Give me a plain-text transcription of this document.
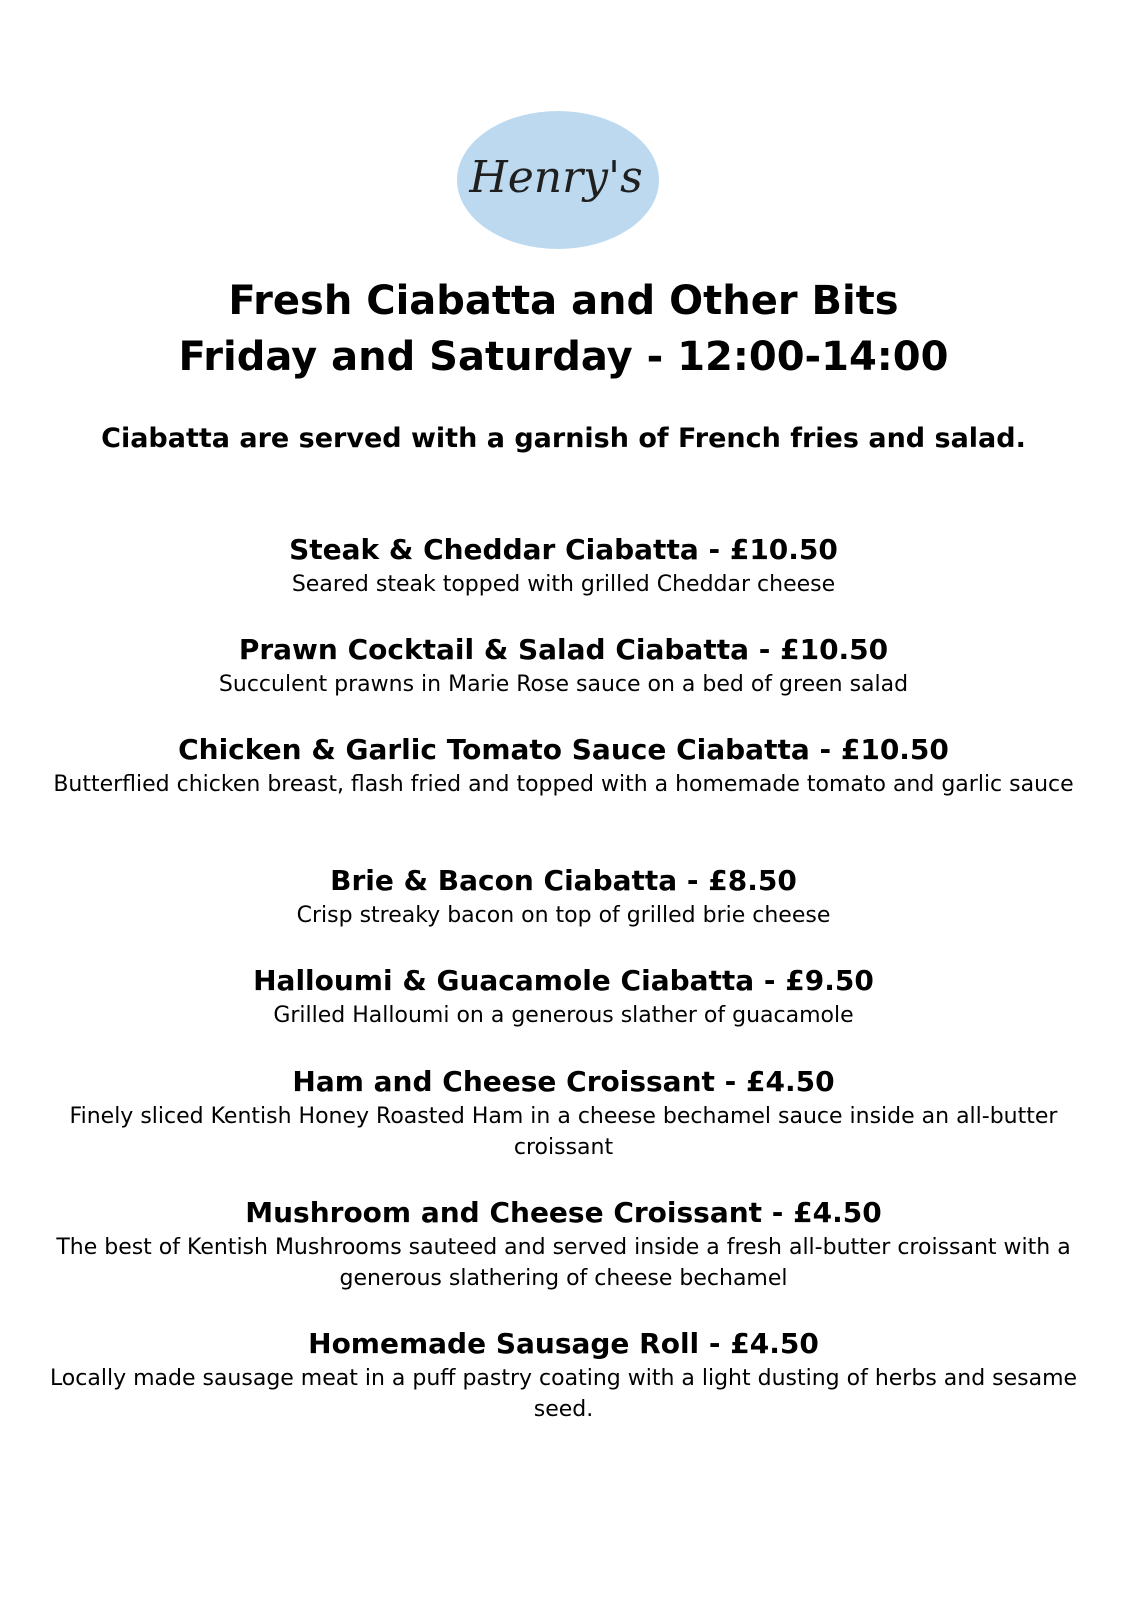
Henry's
Fresh Ciabatta and Other Bits
Friday and Saturday - 12:00-14:00

Ciabatta are served with a garnish of French fries and salad.

Steak & Cheddar Ciabatta - £10.50
Seared steak topped with grilled Cheddar cheese
Prawn Cocktail & Salad Ciabatta - £10.50
Succulent prawns in Marie Rose sauce on a bed of green salad
Chicken & Garlic Tomato Sauce Ciabatta - £10.50
Butterflied chicken breast, flash fried and topped with a homemade tomato and garlic sauce
Brie & Bacon Ciabatta - £8.50
Crisp streaky bacon on top of grilled brie cheese
Halloumi & Guacamole Ciabatta - £9.50
Grilled Halloumi on a generous slather of guacamole
Ham and Cheese Croissant - £4.50
Finely sliced Kentish Honey Roasted Ham in a cheese bechamel sauce inside an all-butter croissant
Mushroom and Cheese Croissant - £4.50
The best of Kentish Mushrooms sauteed and served inside a fresh all-butter croissant with a generous slathering of cheese bechamel
Homemade Sausage Roll - £4.50
Locally made sausage meat in a puff pastry coating with a light dusting of herbs and sesame seed.
